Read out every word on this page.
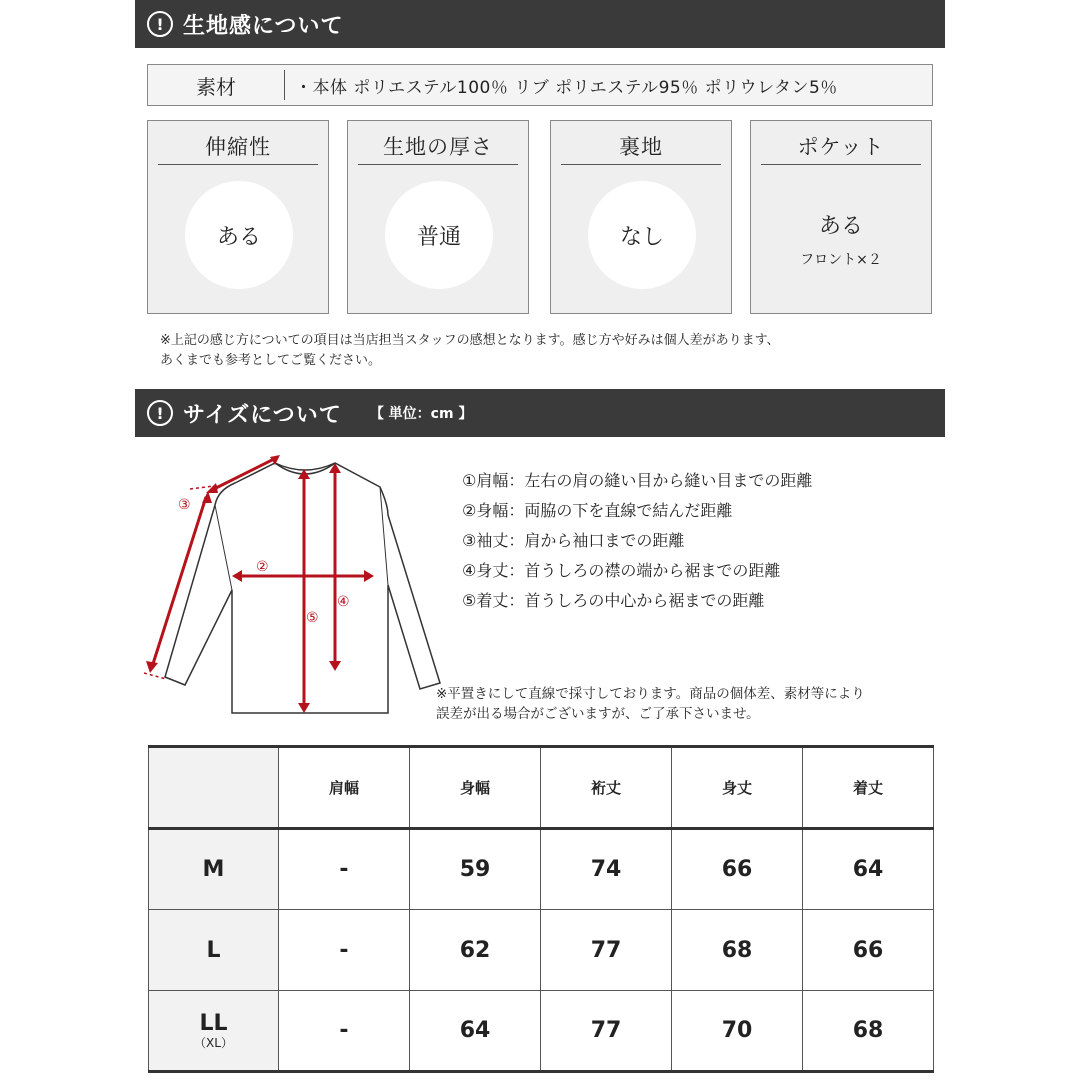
! 生地感について
素材	・本体 ポリエステル100％ リブ ポリエステル95％ ポリウレタン5％
伸縮性
ある
生地の厚さ
普通
裏地
なし
ポケット
ある
フロント×２
※上記の感じ方についての項目は当店担当スタッフの感想となります。感じ方や好みは個人差があります、
あくまでも参考としてご覧ください。
! サイズについて 【 単位：cm 】
③
②
⑤
④
①肩幅：左右の肩の縫い目から縫い目までの距離
②身幅：両脇の下を直線で結んだ距離
③袖丈：肩から袖口までの距離
④身丈：首うしろの襟の端から裾までの距離
⑤着丈：首うしろの中心から裾までの距離
※平置きにして直線で採寸しております。商品の個体差、素材等により
誤差が出る場合がございますが、ご了承下さいませ。
	肩幅	身幅	裄丈	身丈	着丈
M	-	59	74	66	64
L	-	62	77	68	66
LL
（XL）	-	64	77	70	68
